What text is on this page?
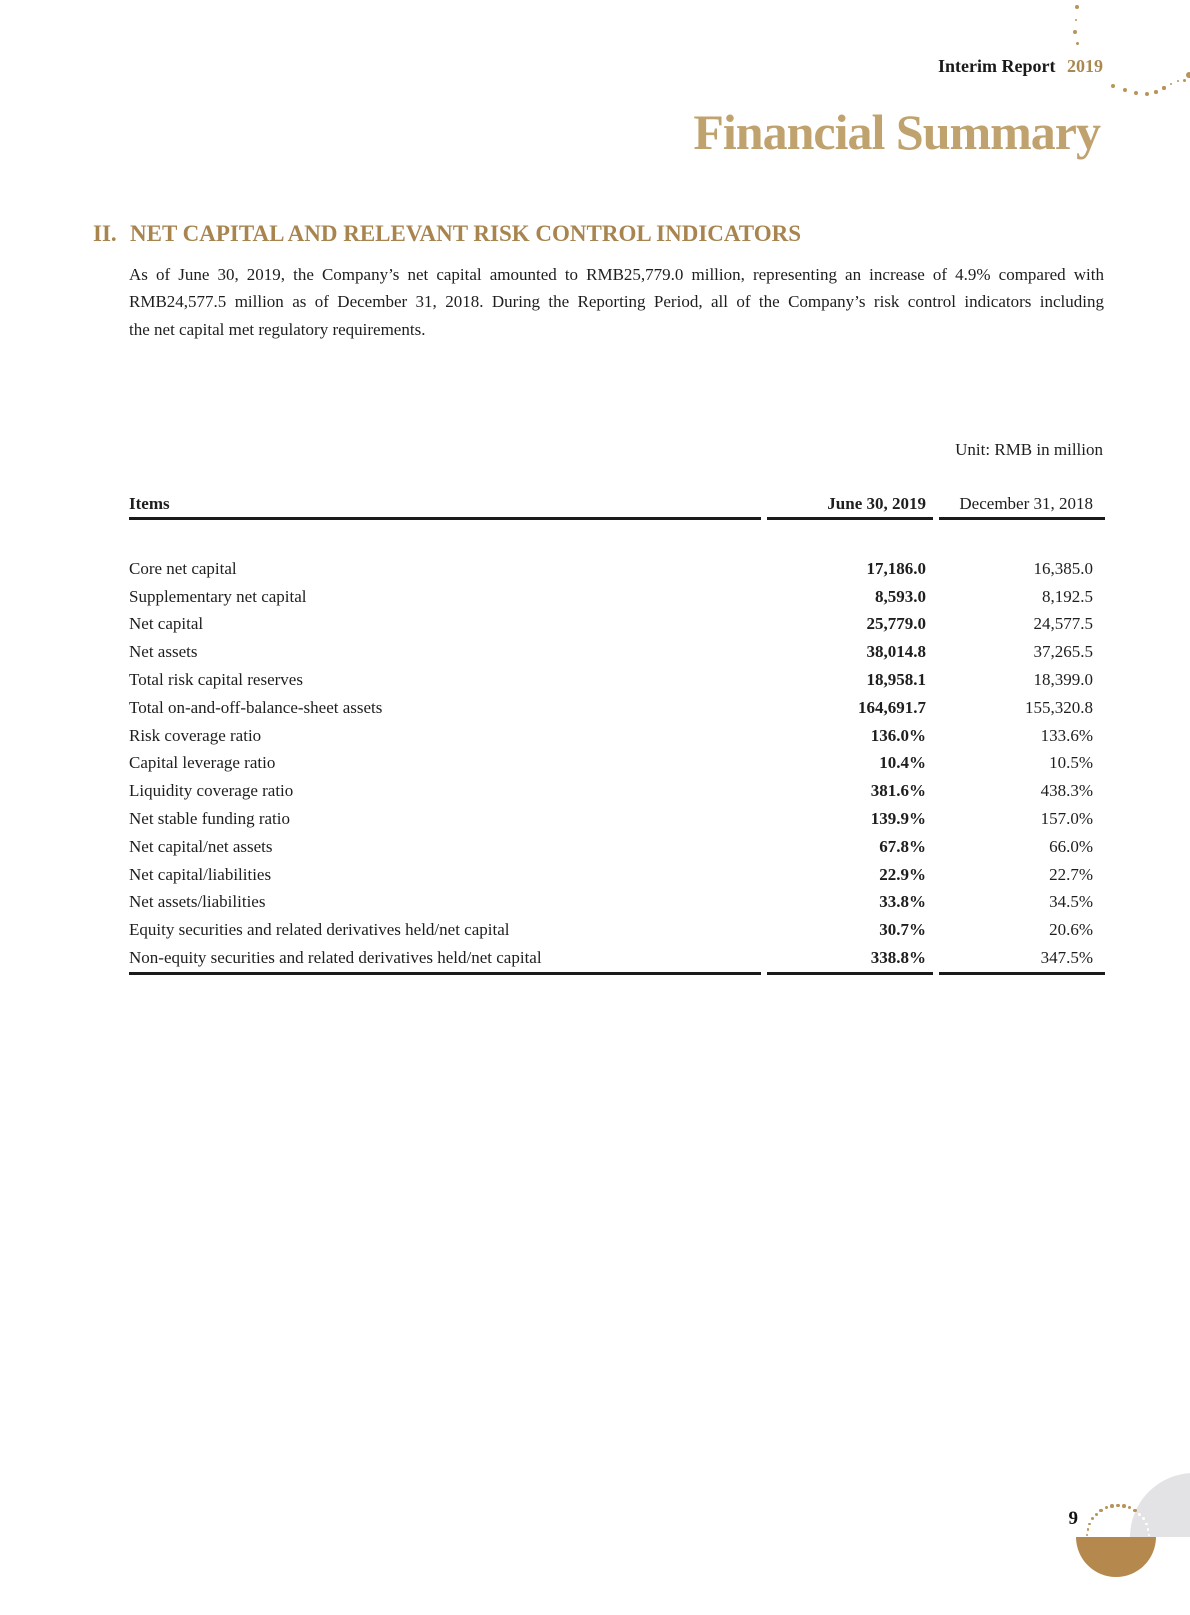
Interim Report 2019
Financial Summary
II. NET CAPITAL AND RELEVANT RISK CONTROL INDICATORS
As of June 30, 2019, the Company’s net capital amounted to RMB25,779.0 million, representing an increase of 4.9% compared with
RMB24,577.5 million as of December 31, 2018. During the Reporting Period, all of the Company’s risk control indicators including
the net capital met regulatory requirements.
Unit: RMB in million
Items	June 30, 2019	December 31, 2018
Core net capital	17,186.0	16,385.0
Supplementary net capital	8,593.0	8,192.5
Net capital	25,779.0	24,577.5
Net assets	38,014.8	37,265.5
Total risk capital reserves	18,958.1	18,399.0
Total on-and-off-balance-sheet assets	164,691.7	155,320.8
Risk coverage ratio	136.0%	133.6%
Capital leverage ratio	10.4%	10.5%
Liquidity coverage ratio	381.6%	438.3%
Net stable funding ratio	139.9%	157.0%
Net capital/net assets	67.8%	66.0%
Net capital/liabilities	22.9%	22.7%
Net assets/liabilities	33.8%	34.5%
Equity securities and related derivatives held/net capital	30.7%	20.6%
Non-equity securities and related derivatives held/net capital	338.8%	347.5%
9
